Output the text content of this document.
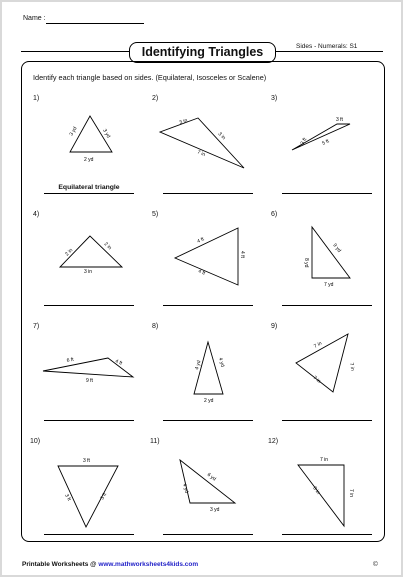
Name :
Identifying Triangles	Sides - Numerals: S1
Identify each triangle based on sides. (Equilateral, Isosceles or Scalene)
1)	2)	3)
4)	5)	6)
7)	8)	9)
10)	11)	12)
Equilateral triangle
3 yd	3 yd
2 yd
3 in
3 in
7 in
3 ft
3 ft	5 ft
2 in
2 in
3 in
4 ft
4 ft
4 ft
8 yd
9 yd
7 yd
6 ft	4 ft
9 ft
4 yd	4 yd
2 yd
7 in
7 in
7 in
3 ft
3 ft	3 ft
4 yd
6 yd
3 yd
7 in
8 in	7 in
Printable Worksheets @ www.mathworksheets4kids.com	©
